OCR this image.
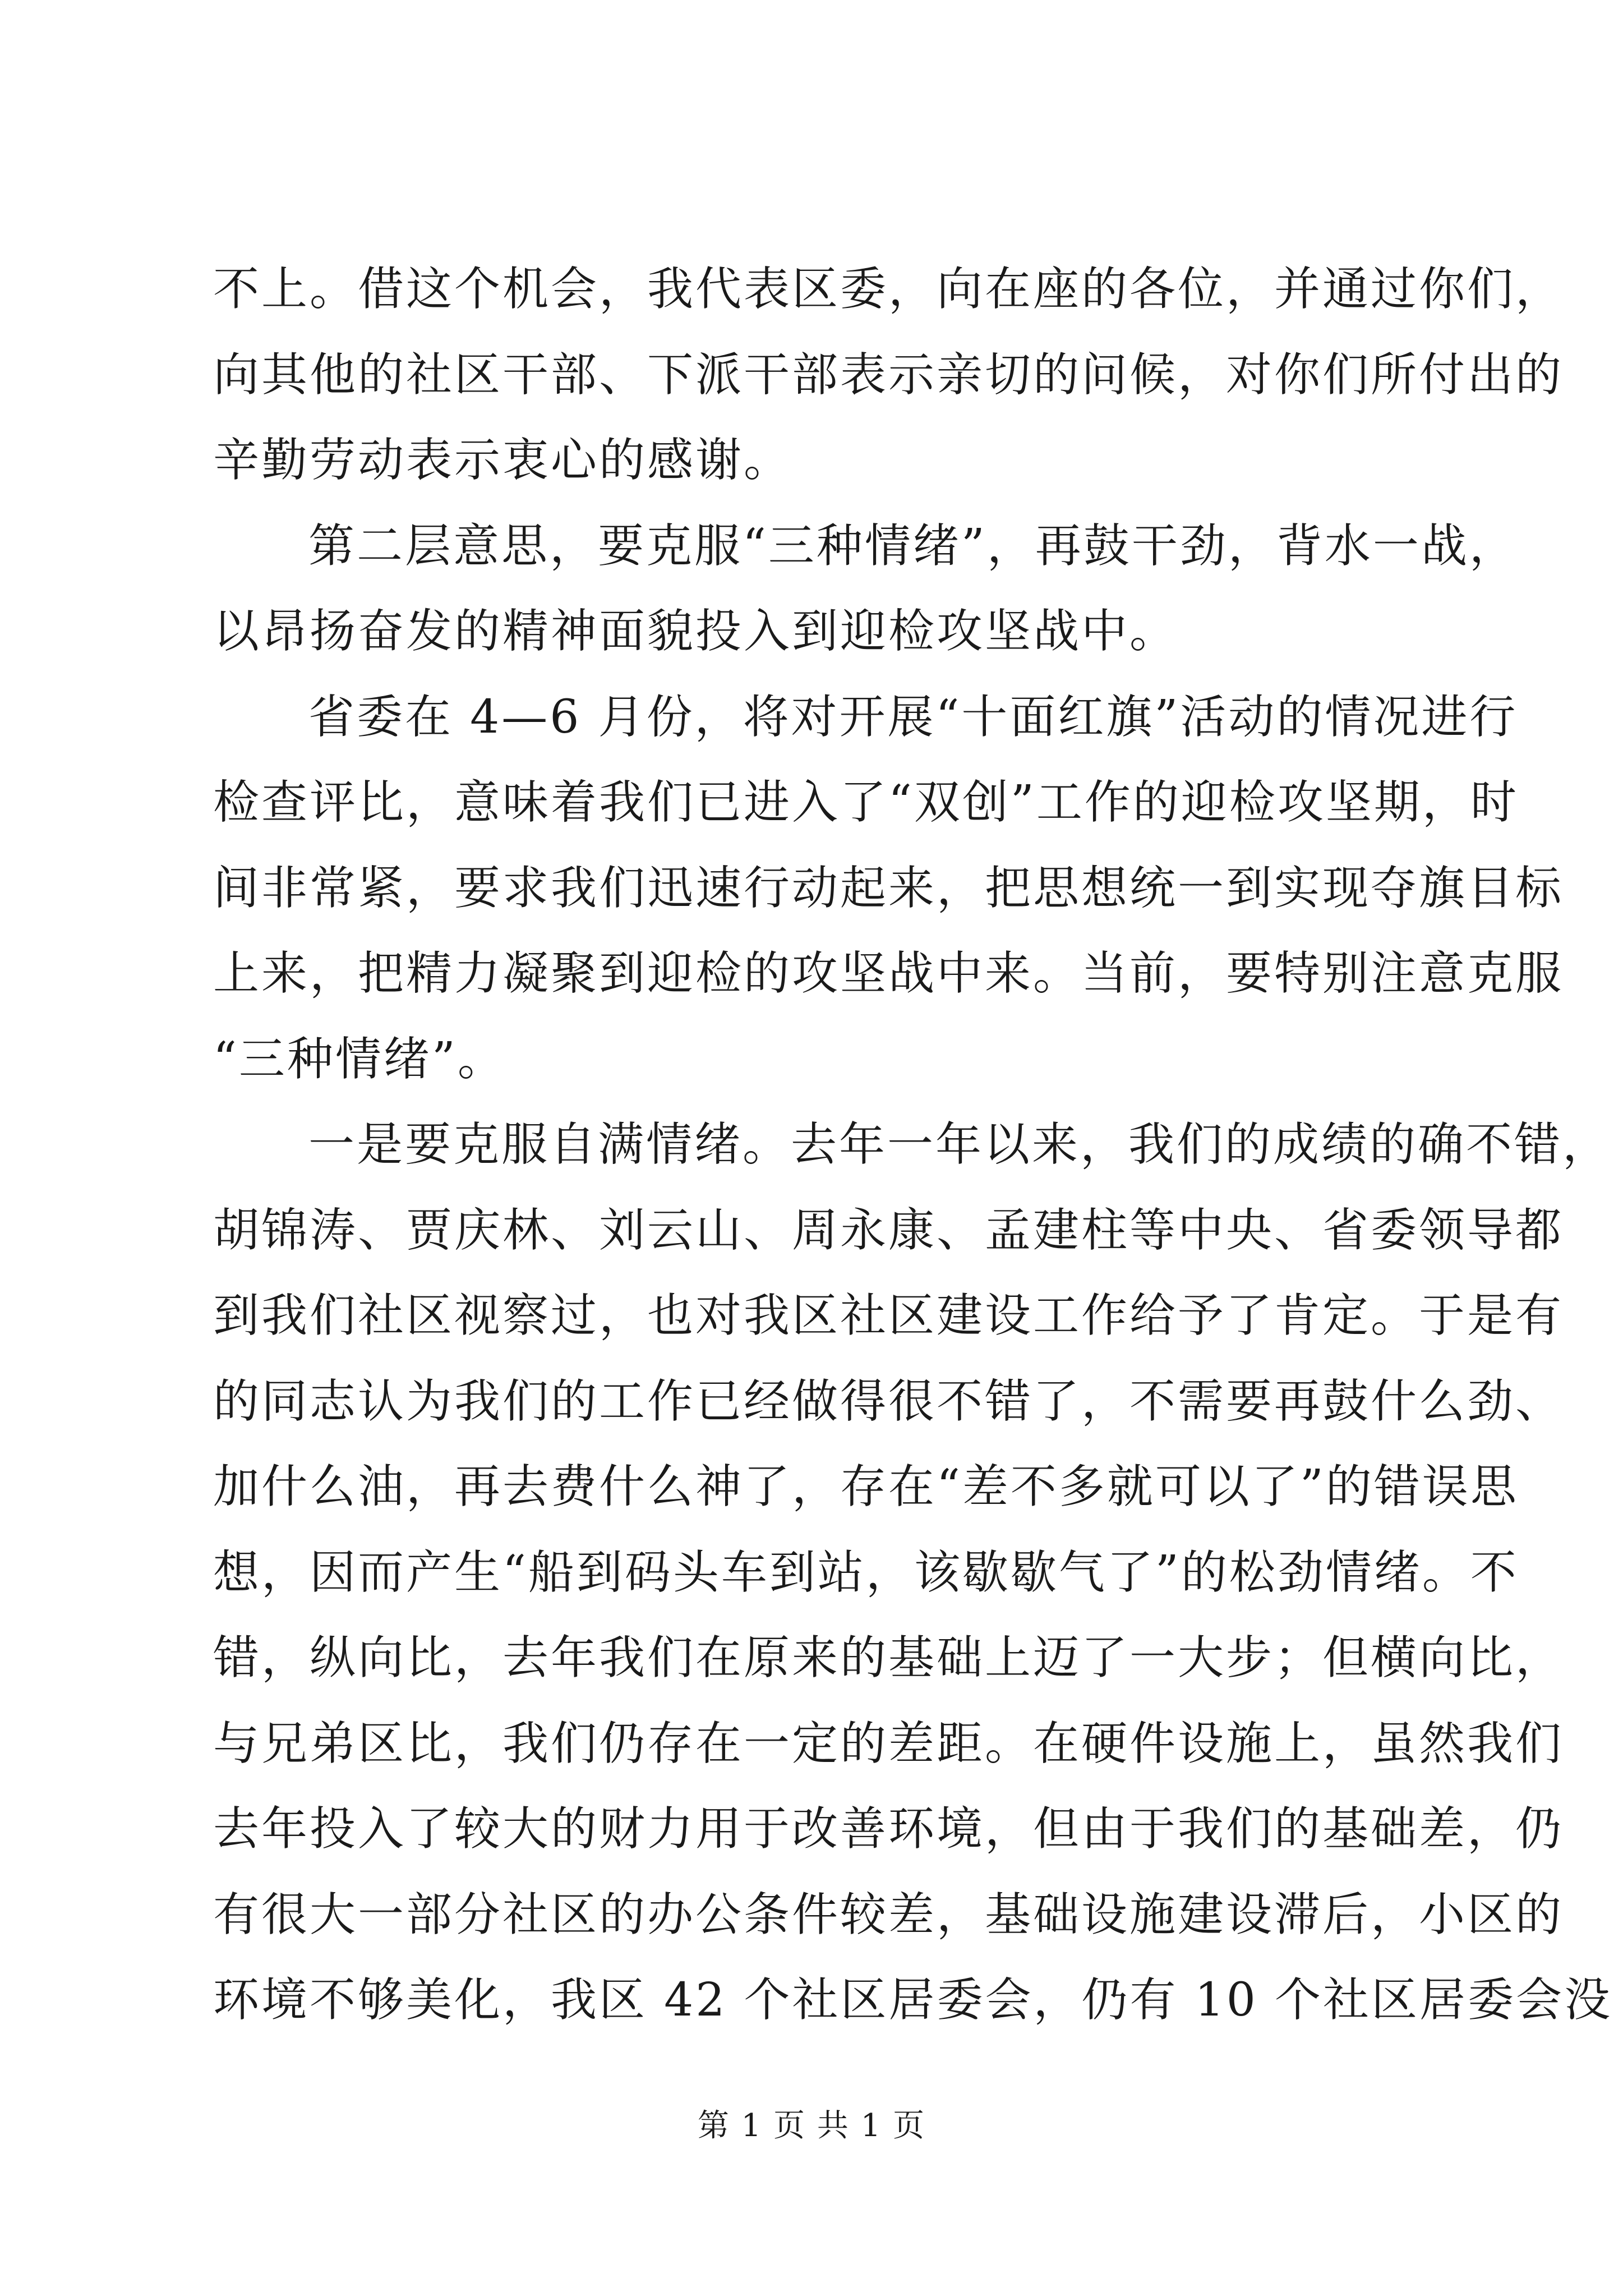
不上。借这个机会，我代表区委，向在座的各位，并通过你们，
向其他的社区干部、下派干部表示亲切的问候，对你们所付出的
辛勤劳动表示衷心的感谢。
第二层意思，要克服“三种情绪”，再鼓干劲，背水一战，
以昂扬奋发的精神面貌投入到迎检攻坚战中。
省委在 4—6 月份，将对开展“十面红旗”活动的情况进行
检查评比，意味着我们已进入了“双创”工作的迎检攻坚期，时
间非常紧，要求我们迅速行动起来，把思想统一到实现夺旗目标
上来，把精力凝聚到迎检的攻坚战中来。当前，要特别注意克服
“三种情绪”。
一是要克服自满情绪。去年一年以来，我们的成绩的确不错，
胡锦涛、贾庆林、刘云山、周永康、孟建柱等中央、省委领导都
到我们社区视察过，也对我区社区建设工作给予了肯定。于是有
的同志认为我们的工作已经做得很不错了，不需要再鼓什么劲、
加什么油，再去费什么神了，存在“差不多就可以了”的错误思
想，因而产生“船到码头车到站，该歇歇气了”的松劲情绪。不
错，纵向比，去年我们在原来的基础上迈了一大步；但横向比，
与兄弟区比，我们仍存在一定的差距。在硬件设施上，虽然我们
去年投入了较大的财力用于改善环境，但由于我们的基础差，仍
有很大一部分社区的办公条件较差，基础设施建设滞后，小区的
环境不够美化，我区 42 个社区居委会，仍有 10 个社区居委会没
第 1 页 共 1 页
